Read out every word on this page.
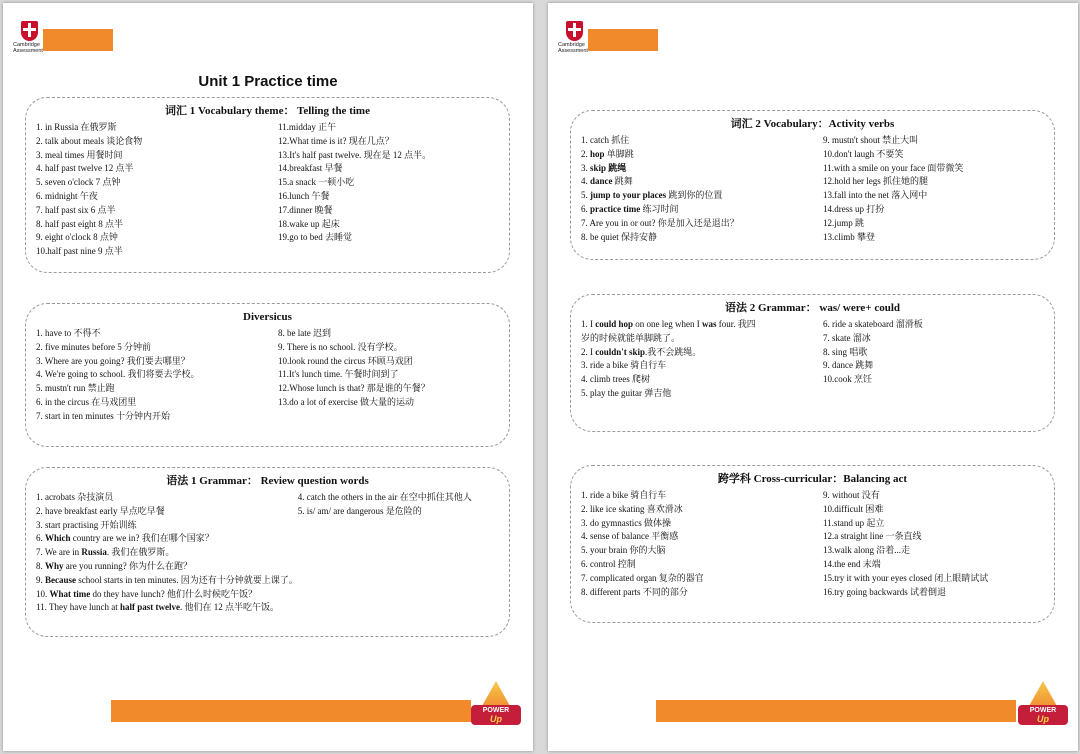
Cambridge
Assessment
Unit 1 Practice time
词汇 1 Vocabulary theme： Telling the time
1. in Russia 在俄罗斯
2. talk about meals 谈论食物
3. meal times 用餐时间
4. half past twelve 12 点半
5. seven o'clock 7 点钟
6. midnight 午夜
7. half past six 6 点半
8. half past eight 8 点半
9. eight o'clock 8 点钟
10.half past nine 9 点半
11.midday 正午
12.What time is it? 现在几点？
13.It's half past twelve. 现在是 12 点半。
14.breakfast 早餐
15.a snack 一顿小吃
16.lunch 午餐
17.dinner 晚餐
18.wake up 起床
19.go to bed 去睡觉
Diversicus
1. have to 不得不
2. five minutes before 5 分钟前
3. Where are you going? 我们要去哪里？
4. We're going to school. 我们将要去学校。
5. mustn't run 禁止跑
6. in the circus 在马戏团里
7. start in ten minutes 十分钟内开始
8. be late 迟到
9. There is no school. 没有学校。
10.look round the circus 环顾马戏团
11.It's lunch time. 午餐时间到了
12.Whose lunch is that? 那是谁的午餐？
13.do a lot of exercise 做大量的运动
语法 1 Grammar： Review question words
1. acrobats 杂技演员
2. have breakfast early 早点吃早餐
3. start practising 开始训练
6. Which country are we in? 我们在哪个国家？
7. We are in Russia. 我们在俄罗斯。
8. Why are you running? 你为什么在跑？
9. Because school starts in ten minutes. 因为还有十分钟就要上课了。
10. What time do they have lunch? 他们什么时候吃午饭？
11. They have lunch at half past twelve. 他们在 12 点半吃午饭。
4. catch the others in the air 在空中抓住其他人
5. is/ am/ are dangerous 是危险的
POWER
Up
Cambridge
Assessment
词汇 2 Vocabulary：Activity verbs
1. catch 抓住
2. hop 单脚跳
3. skip 跳绳
4. dance 跳舞
5. jump to your places 跳到你的位置
6. practice time 练习时间
7. Are you in or out? 你是加入还是退出？
8. be quiet 保持安静
9. mustn't shout 禁止大叫
10.don't laugh 不要笑
11.with a smile on your face 面带微笑
12.hold her legs 抓住她的腿
13.fall into the net 落入网中
14.dress up 打扮
12.jump 跳
13.climb 攀登
语法 2 Grammar： was/ were+ could
1. I could hop on one leg when I was four. 我四
岁的时候就能单脚跳了。
2. I couldn't skip.我不会跳绳。
3. ride a bike 骑自行车
4. climb trees 爬树
5. play the guitar 弹吉他
6. ride a skateboard 溜滑板
7. skate 溜冰
8. sing 唱歌
9. dance 跳舞
10.cook 烹饪
跨学科 Cross-curricular：Balancing act
1. ride a bike 骑自行车
2. like ice skating 喜欢滑冰
3. do gymnastics 做体操
4. sense of balance 平衡感
5. your brain 你的大脑
6. control 控制
7. complicated organ 复杂的器官
8. different parts 不同的部分
9. without 没有
10.difficult 困难
11.stand up 起立
12.a straight line 一条直线
13.walk along 沿着...走
14.the end 末端
15.try it with your eyes closed 闭上眼睛试试
16.try going backwards 试着倒退
POWER
Up
